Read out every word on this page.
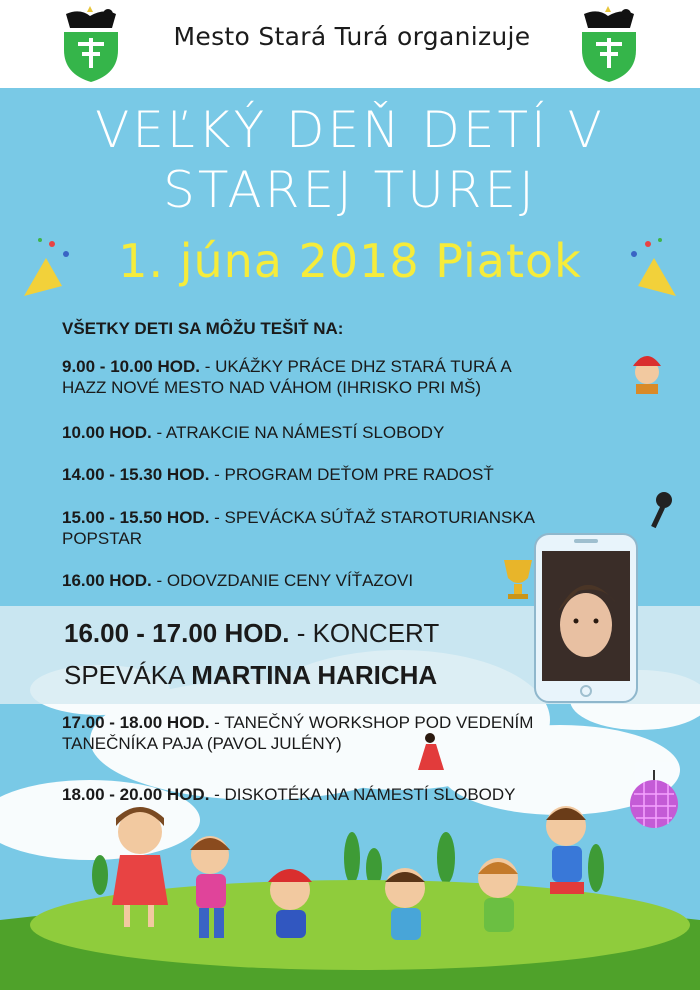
Mesto Stará Turá organizuje
VEĽKÝ DEŇ DETÍ V
STAREJ TUREJ
1. júna 2018 Piatok
VŠETKY DETI SA MÔŽU TEŠIŤ NA:
9.00 - 10.00 HOD. - UKÁŽKY PRÁCE DHZ STARÁ TURÁ A
HAZZ NOVÉ MESTO NAD VÁHOM (IHRISKO PRI MŠ)
10.00 HOD. - ATRAKCIE NA NÁMESTÍ SLOBODY
14.00 - 15.30 HOD. - PROGRAM DEŤOM PRE RADOSŤ
15.00 - 15.50 HOD. - SPEVÁCKA SÚŤAŽ STAROTURIANSKA
POPSTAR
16.00 HOD. - ODOVZDANIE CENY VÍŤAZOVI
16.00 - 17.00 HOD. - KONCERT
SPEVÁKA MARTINA HARICHA
17.00 - 18.00 HOD. - TANEČNÝ WORKSHOP POD VEDENÍM
TANEČNÍKA PAJA (PAVOL JULÉNY)
18.00 - 20.00 HOD. - DISKOTÉKA NA NÁMESTÍ SLOBODY
